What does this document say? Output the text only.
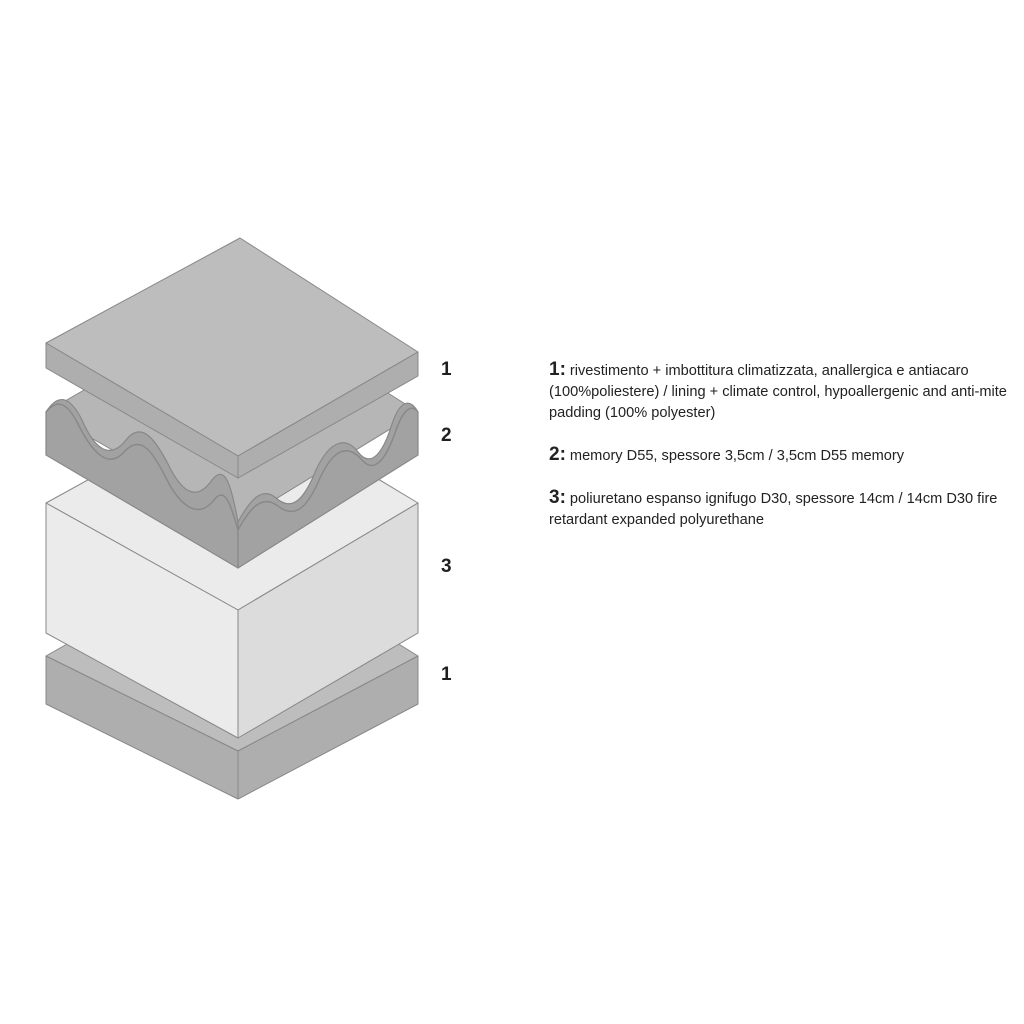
1
2
3
1
1: rivestimento + imbottitura climatizzata, anallergica e antiacaro (100%poliestere) / lining + climate control, hypoallergenic and anti-mite padding (100% polyester)
2: memory D55, spessore 3,5cm / 3,5cm D55 memory
3: poliuretano espanso ignifugo D30, spessore 14cm / 14cm D30 fire retardant expanded polyurethane
